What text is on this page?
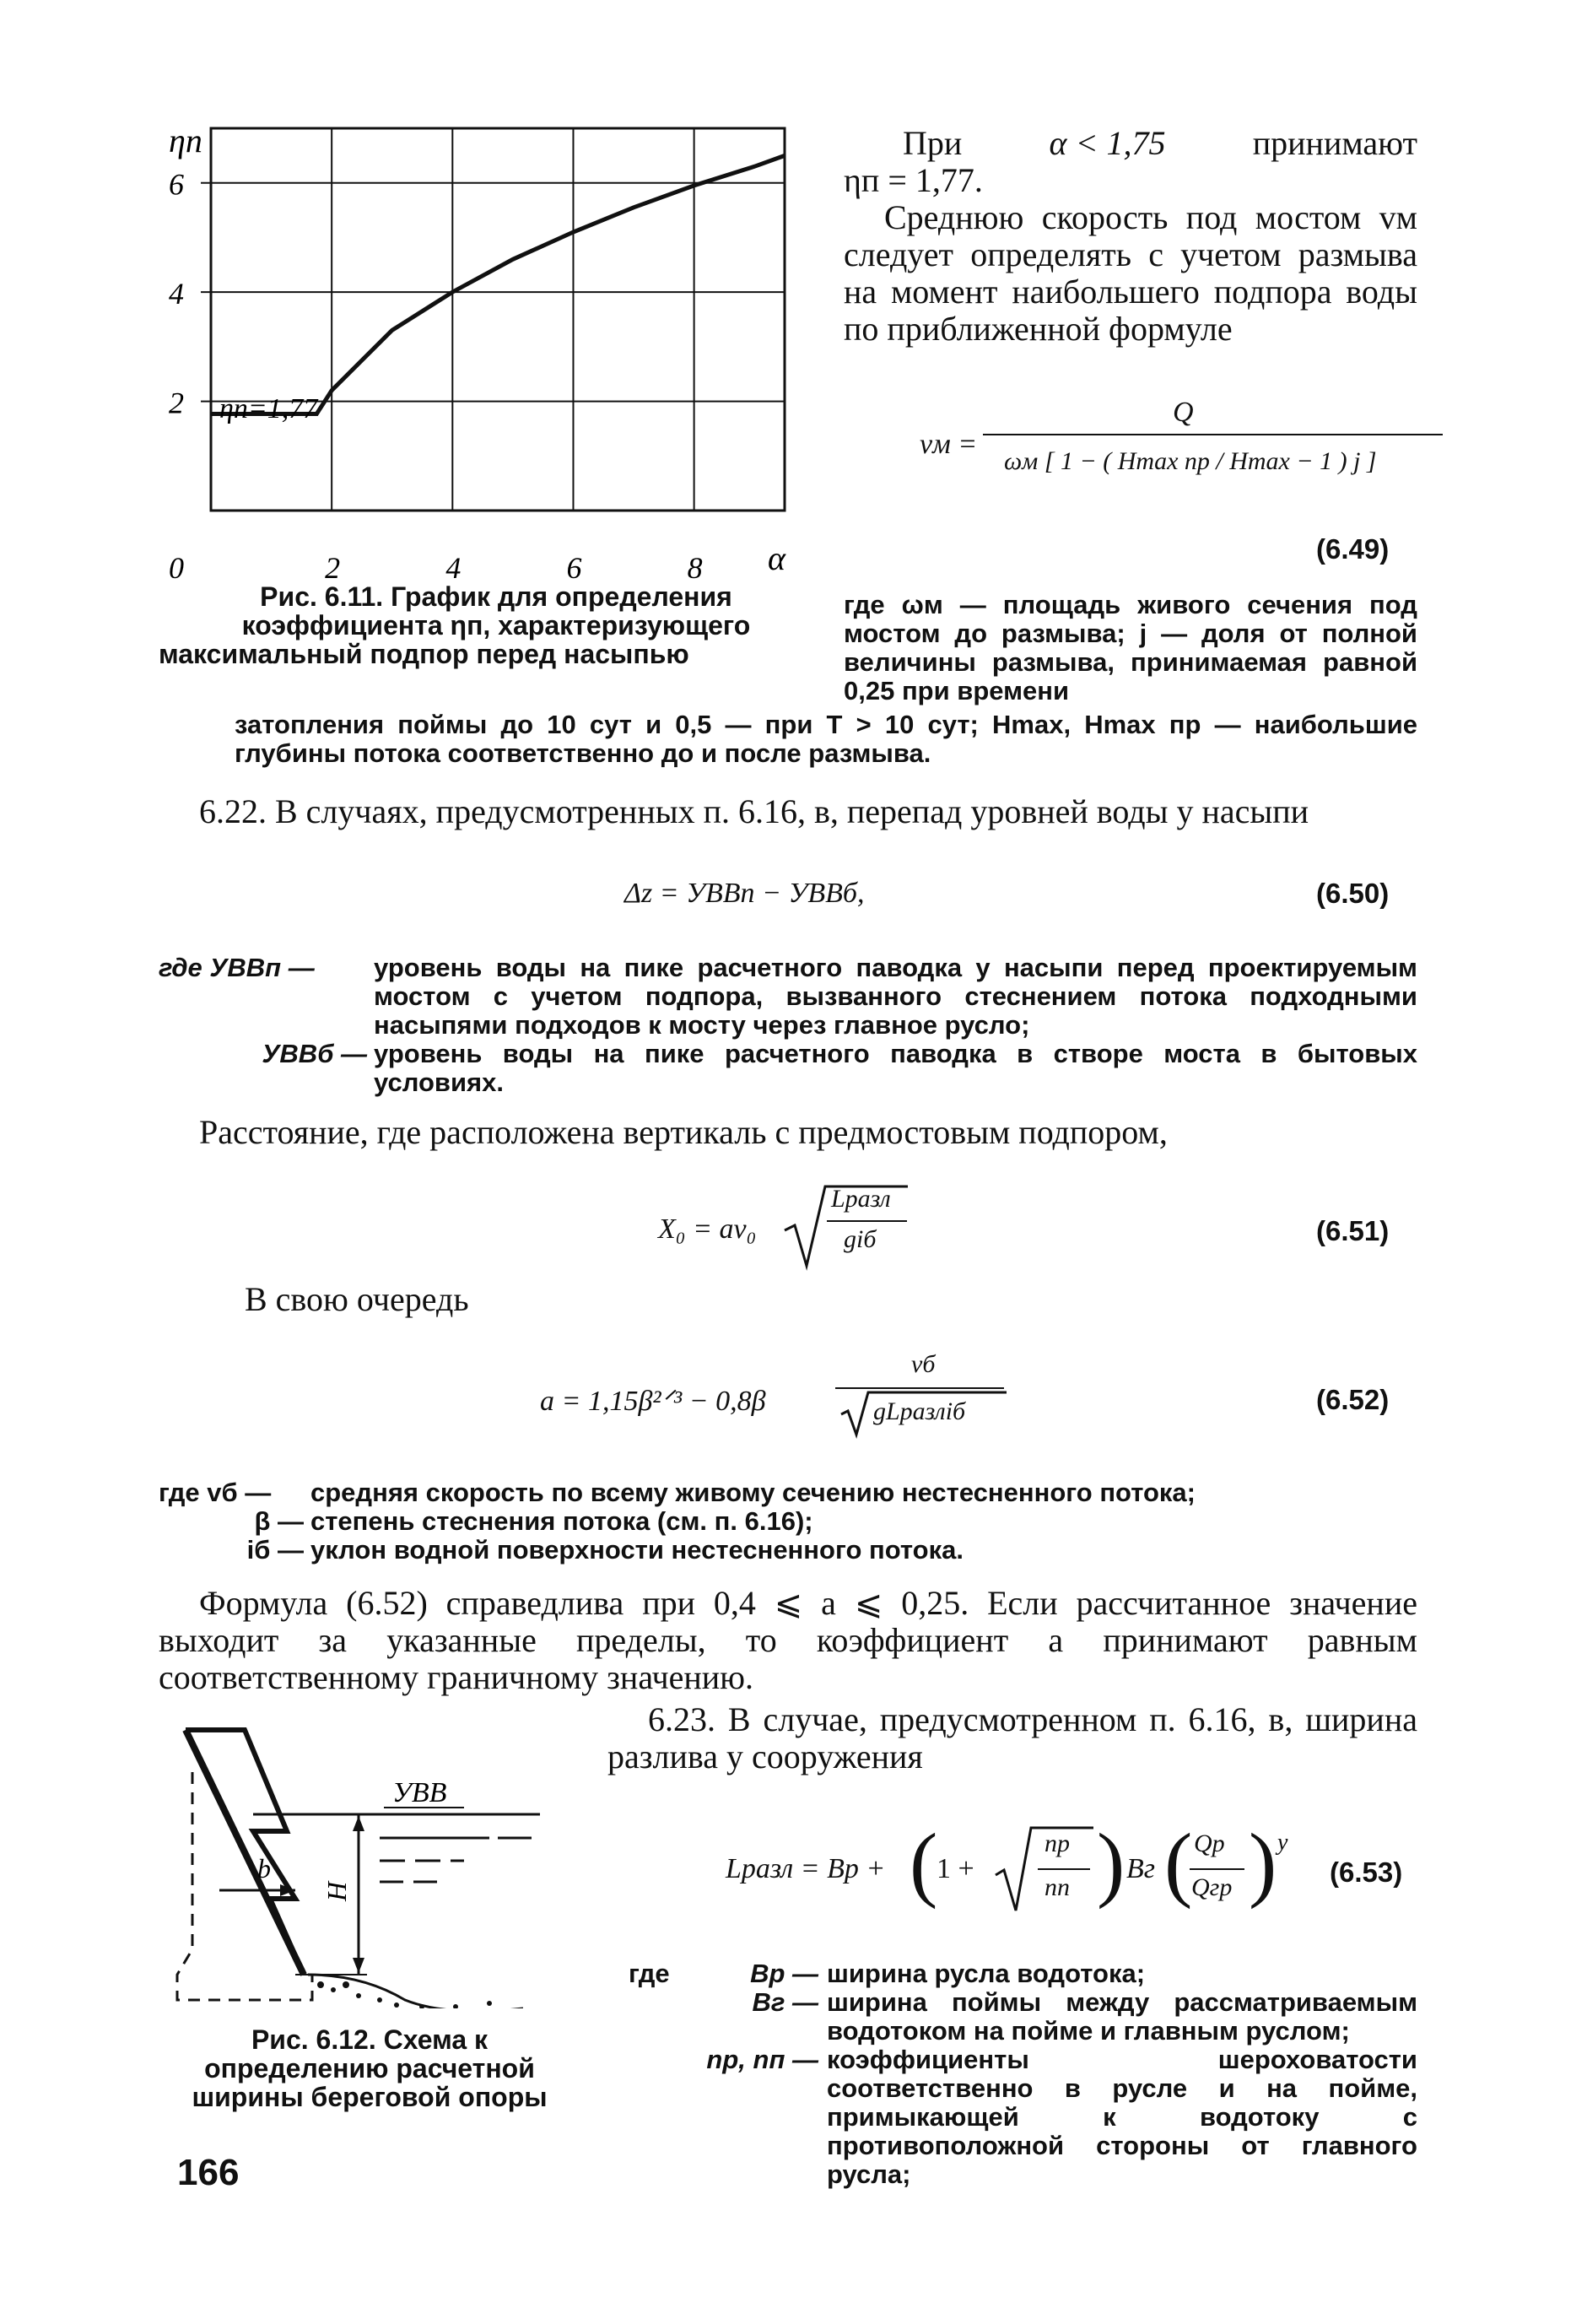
6
4
2
0	2	4	6	8
ηп
α
ηп=1,77
Рис. 6.11. График для определения коэффициента ηп, характеризующего максимальный подпор перед насыпью
При	α < 1,75	принимают
ηп = 1,77.
Среднюю скорость под мостом vм следует определять с учетом размыва на момент наибольшего подпора воды по приближенной формуле
vм =
Q
ωм [ 1 − ( Hmax пр / Hmax − 1 ) j ]
(6.49)
где ωм — площадь живого сечения под мостом до размыва; j — доля от полной величины размыва, принимаемая равной 0,25 при времени
затопления поймы до 10 сут и 0,5 — при T > 10 сут; Hmax, Hmax пр — наибольшие глубины потока соответственно до и после размыва.
6.22. В случаях, предусмотренных п. 6.16, в, перепад уровней воды у насыпи
Δz = УВВп − УВВб,	(6.50)
где УВВп —	уровень воды на пике расчетного паводка у насыпи перед проектируемым мостом с учетом подпора, вызванного стеснением потока подходными насыпями подходов к мосту через главное русло;
УВВб — уровень воды на пике расчетного паводка в створе моста в бытовых условиях.
Расстояние, где расположена вертикаль с предмостовым подпором,
X₀ = av₀
Lразл
giб	(6.51)
В свою очередь
a = 1,15β²ᐟ³ − 0,8β
vб
gLразлiб	(6.52)
где vб —	средняя скорость по всему живому сечению нестесненного потока;
β — степень стеснения потока (см. п. 6.16);
iб — уклон водной поверхности нестесненного потока.
Формула (6.52) справедлива при 0,4 ⩽ a ⩽ 0,25. Если рассчитанное значение выходит за указанные пределы, то коэффициент a принимают равным соответственному граничному значению.
6.23. В случае, предусмотренном п. 6.16, в, ширина разлива у сооружения
Lразл = Bр + (
1 +
nр
nп ) Bг ( Qр
Qгр ) y
(6.53)
где	Bр — ширина русла водотока;
Bг — ширина поймы между рассматриваемым водотоком на пойме и главным руслом;
nр, nп — коэффициенты шероховатости соответственно в русле и на пойме, примыкающей к водотоку с противоположной стороны от главного русла;
УВВ
b
H
Рис. 6.12. Схема к определению расчетной ширины береговой опоры
166
